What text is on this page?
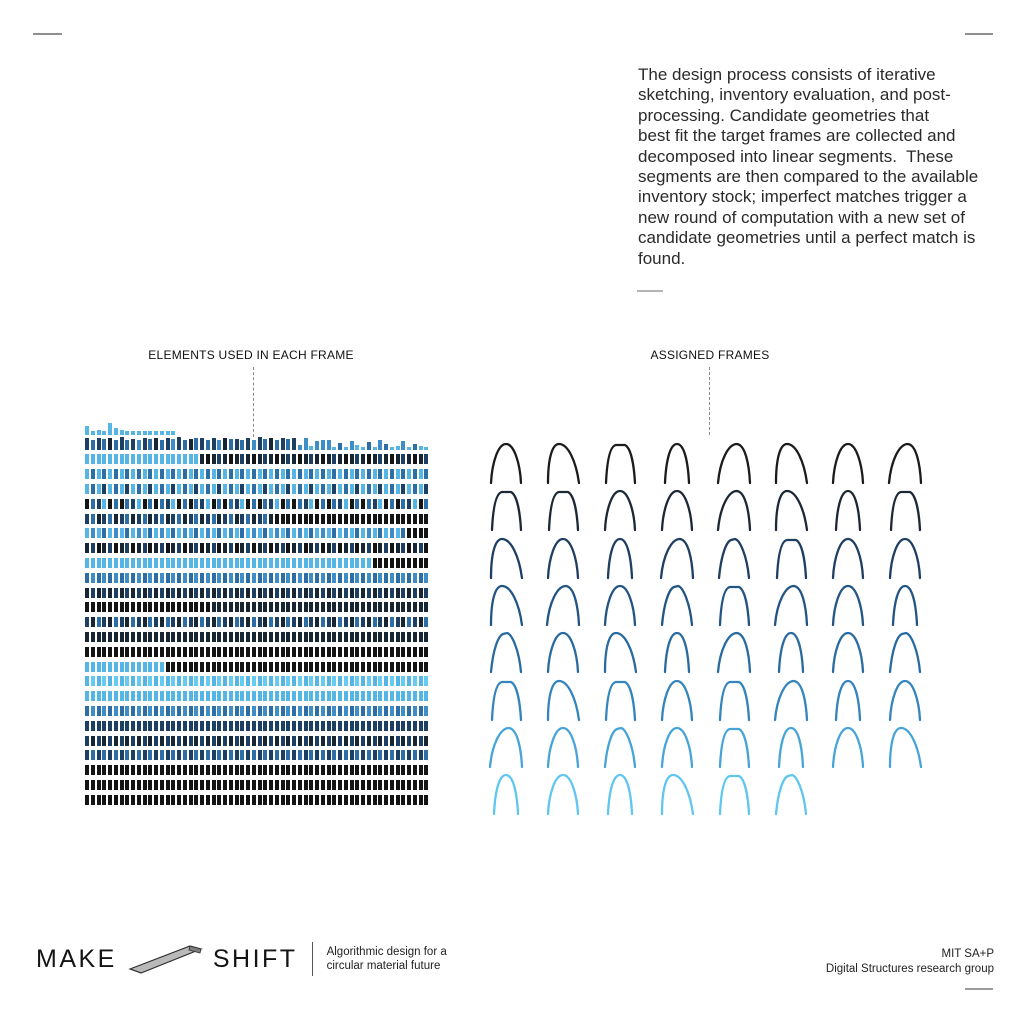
The design process consists of iterative
sketching, inventory evaluation, and post-
processing. Candidate geometries that
best fit the target frames are collected and
decomposed into linear segments.  These
segments are then compared to the available
inventory stock; imperfect matches trigger a
new round of computation with a new set of
candidate geometries until a perfect match is
found.
ELEMENTS USED IN EACH FRAME	ASSIGNED FRAMES
MAKE	SHIFT	Algorithmic design for a
circular material future
MIT SA+P
Digital Structures research group
